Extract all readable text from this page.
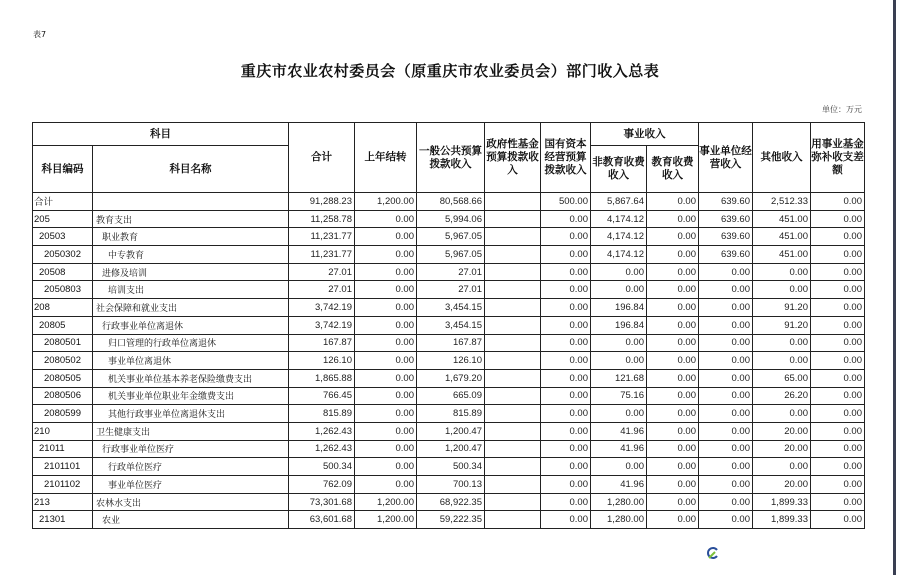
表7
重庆市农业农村委员会（原重庆市农业委员会）部门收入总表
单位：万元
科目		合计	上年结转	一般公共预算拨款收入	政府性基金预算拨款收入	国有资本经营预算拨款收入	事业收入		事业单位经营收入	其他收入	用事业基金弥补收支差额
科目编码	科目名称						非教育收费收入	教育收费收入			
合计		91,288.23	1,200.00	80,568.66		500.00	5,867.64	0.00	639.60	2,512.33	0.00
205	教育支出	11,258.78	0.00	5,994.06		0.00	4,174.12	0.00	639.60	451.00	0.00
20503	职业教育	11,231.77	0.00	5,967.05		0.00	4,174.12	0.00	639.60	451.00	0.00
2050302	中专教育	11,231.77	0.00	5,967.05		0.00	4,174.12	0.00	639.60	451.00	0.00
20508	进修及培训	27.01	0.00	27.01		0.00	0.00	0.00	0.00	0.00	0.00
2050803	培训支出	27.01	0.00	27.01		0.00	0.00	0.00	0.00	0.00	0.00
208	社会保障和就业支出	3,742.19	0.00	3,454.15		0.00	196.84	0.00	0.00	91.20	0.00
20805	行政事业单位离退休	3,742.19	0.00	3,454.15		0.00	196.84	0.00	0.00	91.20	0.00
2080501	归口管理的行政单位离退休	167.87	0.00	167.87		0.00	0.00	0.00	0.00	0.00	0.00
2080502	事业单位离退休	126.10	0.00	126.10		0.00	0.00	0.00	0.00	0.00	0.00
2080505	机关事业单位基本养老保险缴费支出	1,865.88	0.00	1,679.20		0.00	121.68	0.00	0.00	65.00	0.00
2080506	机关事业单位职业年金缴费支出	766.45	0.00	665.09		0.00	75.16	0.00	0.00	26.20	0.00
2080599	其他行政事业单位离退休支出	815.89	0.00	815.89		0.00	0.00	0.00	0.00	0.00	0.00
210	卫生健康支出	1,262.43	0.00	1,200.47		0.00	41.96	0.00	0.00	20.00	0.00
21011	行政事业单位医疗	1,262.43	0.00	1,200.47		0.00	41.96	0.00	0.00	20.00	0.00
2101101	行政单位医疗	500.34	0.00	500.34		0.00	0.00	0.00	0.00	0.00	0.00
2101102	事业单位医疗	762.09	0.00	700.13		0.00	41.96	0.00	0.00	20.00	0.00
213	农林水支出	73,301.68	1,200.00	68,922.35		0.00	1,280.00	0.00	0.00	1,899.33	0.00
21301	农业	63,601.68	1,200.00	59,222.35		0.00	1,280.00	0.00	0.00	1,899.33	0.00
